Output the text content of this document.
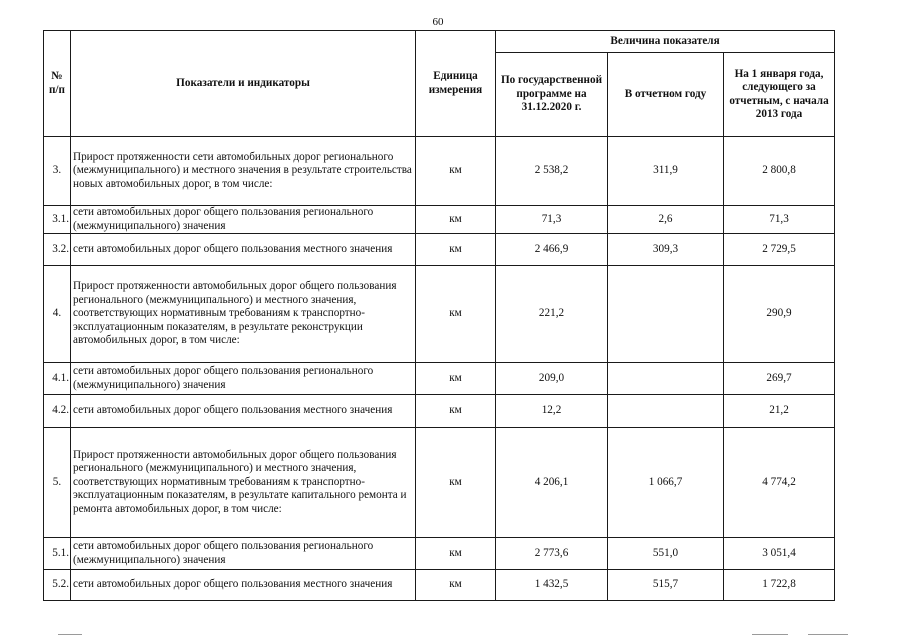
60
№ п/п	Показатели и индикаторы	Единица измерения	Величина показателя		
			По государственной программе на 31.12.2020 г.	В отчетном году	На 1 января года, следующего за отчетным, с начала 2013 года
3.	Прирост протяженности сети автомобильных дорог регионального (межмуниципального) и местного значения в результате строительства новых автомобильных дорог, в том числе:	км	2 538,2	311,9	2 800,8
3.1.	сети автомобильных дорог общего пользования регионального (межмуниципального) значения	км	71,3	2,6	71,3
3.2.	сети автомобильных дорог общего пользования местного значения	км	2 466,9	309,3	2 729,5
4.	Прирост протяженности автомобильных дорог общего пользования регионального (межмуниципального) и местного значения, соответствующих нормативным требованиям к транспортно-эксплуатационным показателям, в результате реконструкции автомобильных дорог, в том числе:	км	221,2		290,9
4.1.	сети автомобильных дорог общего пользования регионального (межмуниципального) значения	км	209,0		269,7
4.2.	сети автомобильных дорог общего пользования местного значения	км	12,2		21,2
5.	Прирост протяженности автомобильных дорог общего пользования регионального (межмуниципального) и местного значения, соответствующих нормативным требованиям к транспортно-эксплуатационным показателям, в результате капитального ремонта и ремонта автомобильных дорог, в том числе:	км	4 206,1	1 066,7	4 774,2
5.1.	сети автомобильных дорог общего пользования регионального (межмуниципального) значения	км	2 773,6	551,0	3 051,4
5.2.	сети автомобильных дорог общего пользования местного значения	км	1 432,5	515,7	1 722,8
